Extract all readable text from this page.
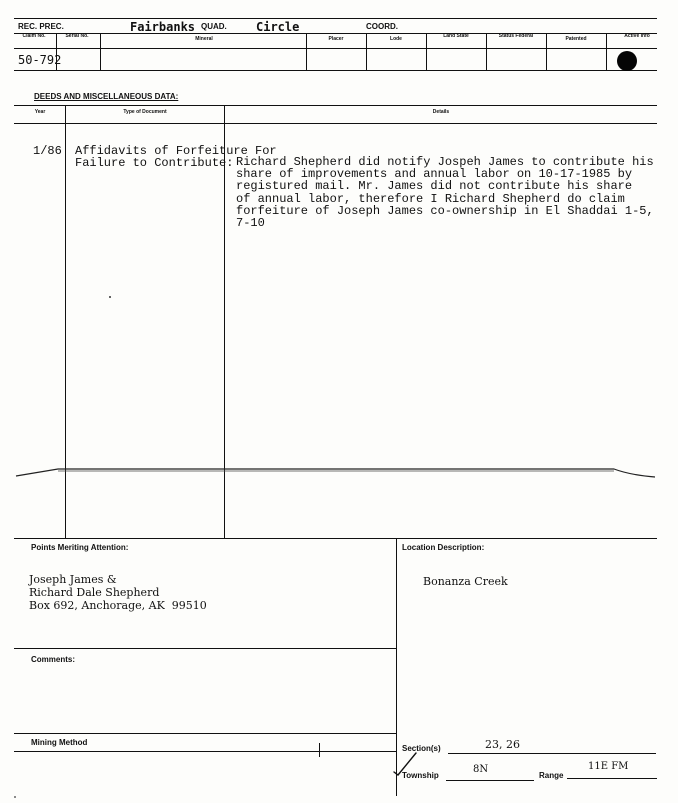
REC. PREC.	Fairbanks QUAD. Circle	COORD.
Claim No.	Serial No.	Mineral	Placer	Lode	Land State	Status Federal	Patented	Active Info
50-792
DEEDS AND MISCELLANEOUS DATA:
Year	Type of Document	Details
1/86 Affidavits of Forfeiture For
Failure to Contribute: Richard Shepherd did notify Jospeh James to contribute his
share of improvements and annual labor on 10-17-1985 by
registured mail. Mr. James did not contribute his share
of annual labor, therefore I Richard Shepherd do claim
forfeiture of Joseph James co-ownership in El Shaddai 1-5,
7-10
Points Meriting Attention:
Joseph James &
Richard Dale Shepherd
Box 692, Anchorage, AK  99510
Location Description:
Bonanza Creek
Comments:
Mining Method
Section(s)	23, 26
Township
8N
Range
11E FM
